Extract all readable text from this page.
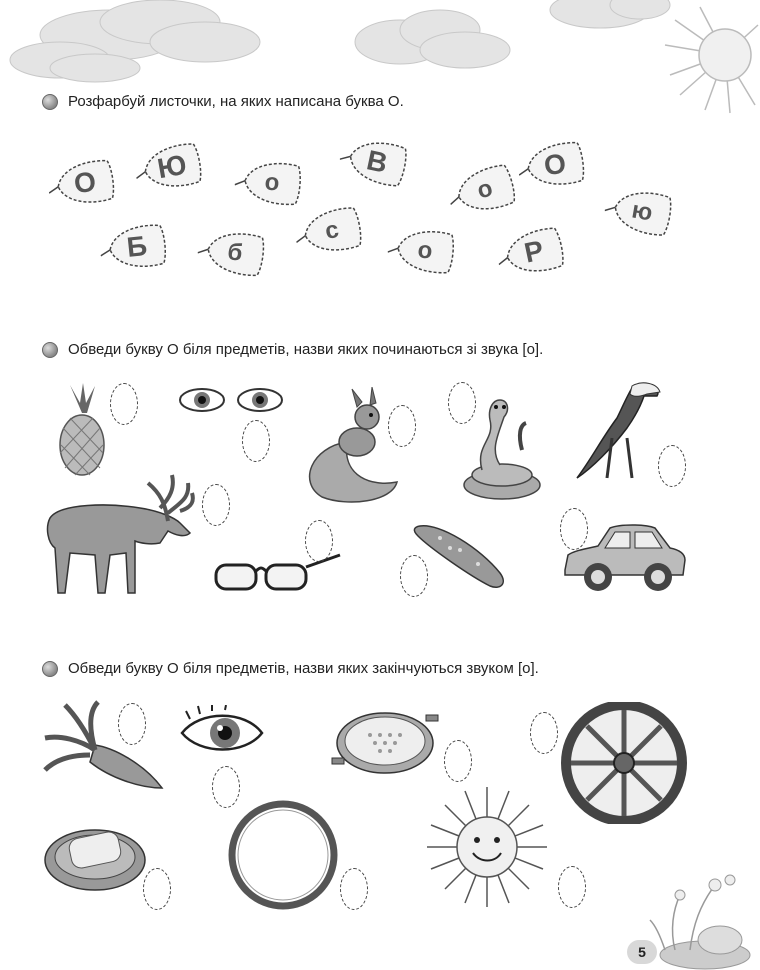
Розфарбуй листочки, на яких написана буква О.
О	Ю	о
В
о
О
ю
Б	б
с
о	Р
Обведи букву О біля предметів, назви яких починаються зі звука [о].
Обведи букву О біля предметів, назви яких закінчуються звуком [о].
5
